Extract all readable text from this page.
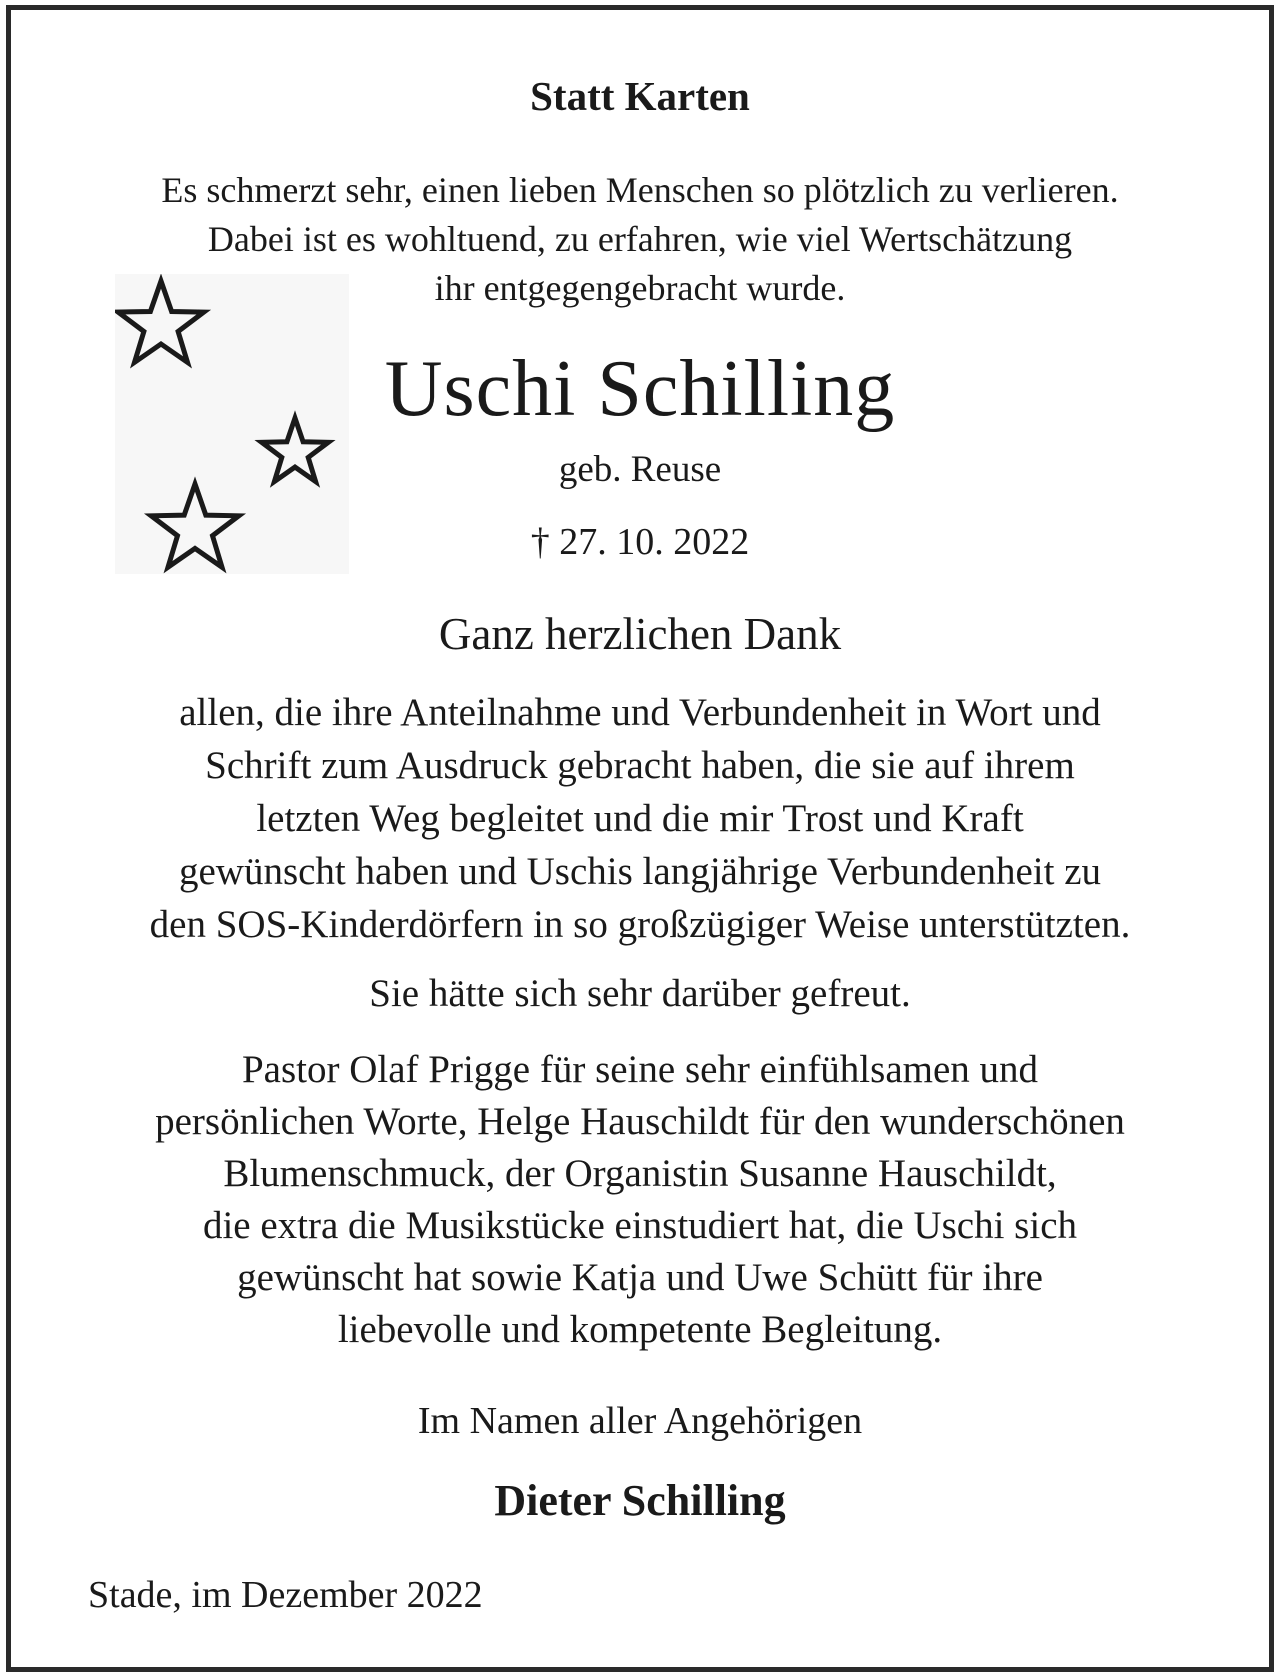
Statt Karten
Es schmerzt sehr, einen lieben Menschen so plötzlich zu verlieren.
Dabei ist es wohltuend, zu erfahren, wie viel Wertschätzung
ihr entgegengebracht wurde.
Uschi Schilling
geb. Reuse
† 27. 10. 2022
Ganz herzlichen Dank
allen, die ihre Anteilnahme und Verbundenheit in Wort und
Schrift zum Ausdruck gebracht haben, die sie auf ihrem
letzten Weg begleitet und die mir Trost und Kraft
gewünscht haben und Uschis langjährige Verbundenheit zu
den SOS-Kinderdörfern in so großzügiger Weise unterstützten.
Sie hätte sich sehr darüber gefreut.
Pastor Olaf Prigge für seine sehr einfühlsamen und
persönlichen Worte, Helge Hauschildt für den wunderschönen
Blumenschmuck, der Organistin Susanne Hauschildt,
die extra die Musikstücke einstudiert hat, die Uschi sich
gewünscht hat sowie Katja und Uwe Schütt für ihre
liebevolle und kompetente Begleitung.
Im Namen aller Angehörigen
Dieter Schilling
Stade, im Dezember 2022
